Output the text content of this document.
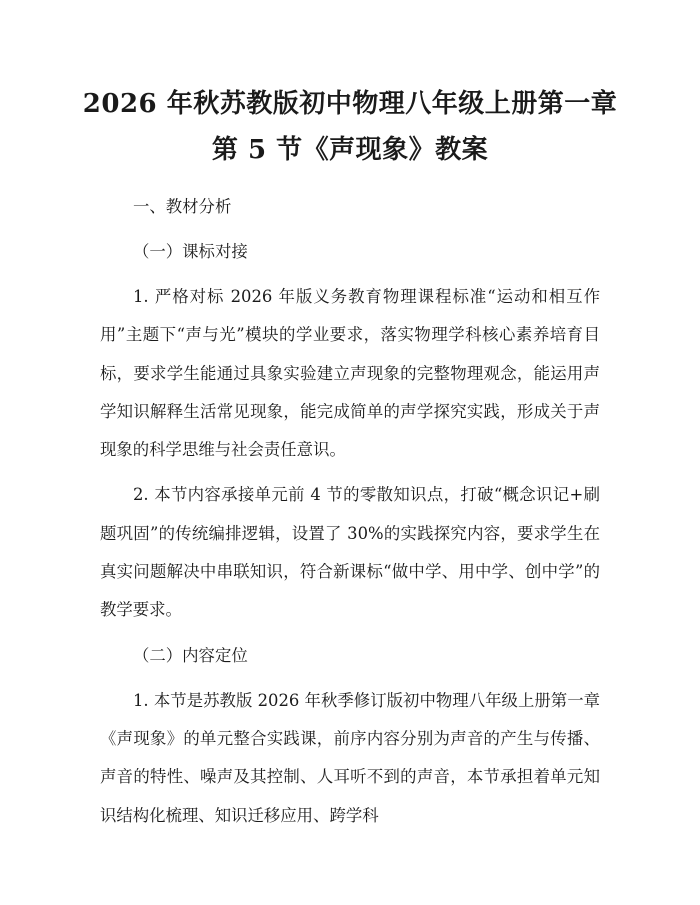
2026 年秋苏教版初中物理八年级上册第一章
第 5 节《声现象》教案

一、教材分析

（一）课标对接

1. 严格对标 2026 年版义务教育物理课程标准“运动和相互作用”主题下“声与光”模块的学业要求，落实物理学科核心素养培育目标，要求学生能通过具象实验建立声现象的完整物理观念，能运用声学知识解释生活常见现象，能完成简单的声学探究实践，形成关于声现象的科学思维与社会责任意识。

2. 本节内容承接单元前 4 节的零散知识点，打破“概念识记+刷题巩固”的传统编排逻辑，设置了 30%的实践探究内容，要求学生在真实问题解决中串联知识，符合新课标“做中学、用中学、创中学”的教学要求。

（二）内容定位

1. 本节是苏教版 2026 年秋季修订版初中物理八年级上册第一章《声现象》的单元整合实践课，前序内容分别为声音的产生与传播、声音的特性、噪声及其控制、人耳听不到的声音，本节承担着单元知识结构化梳理、知识迁移应用、跨学科
